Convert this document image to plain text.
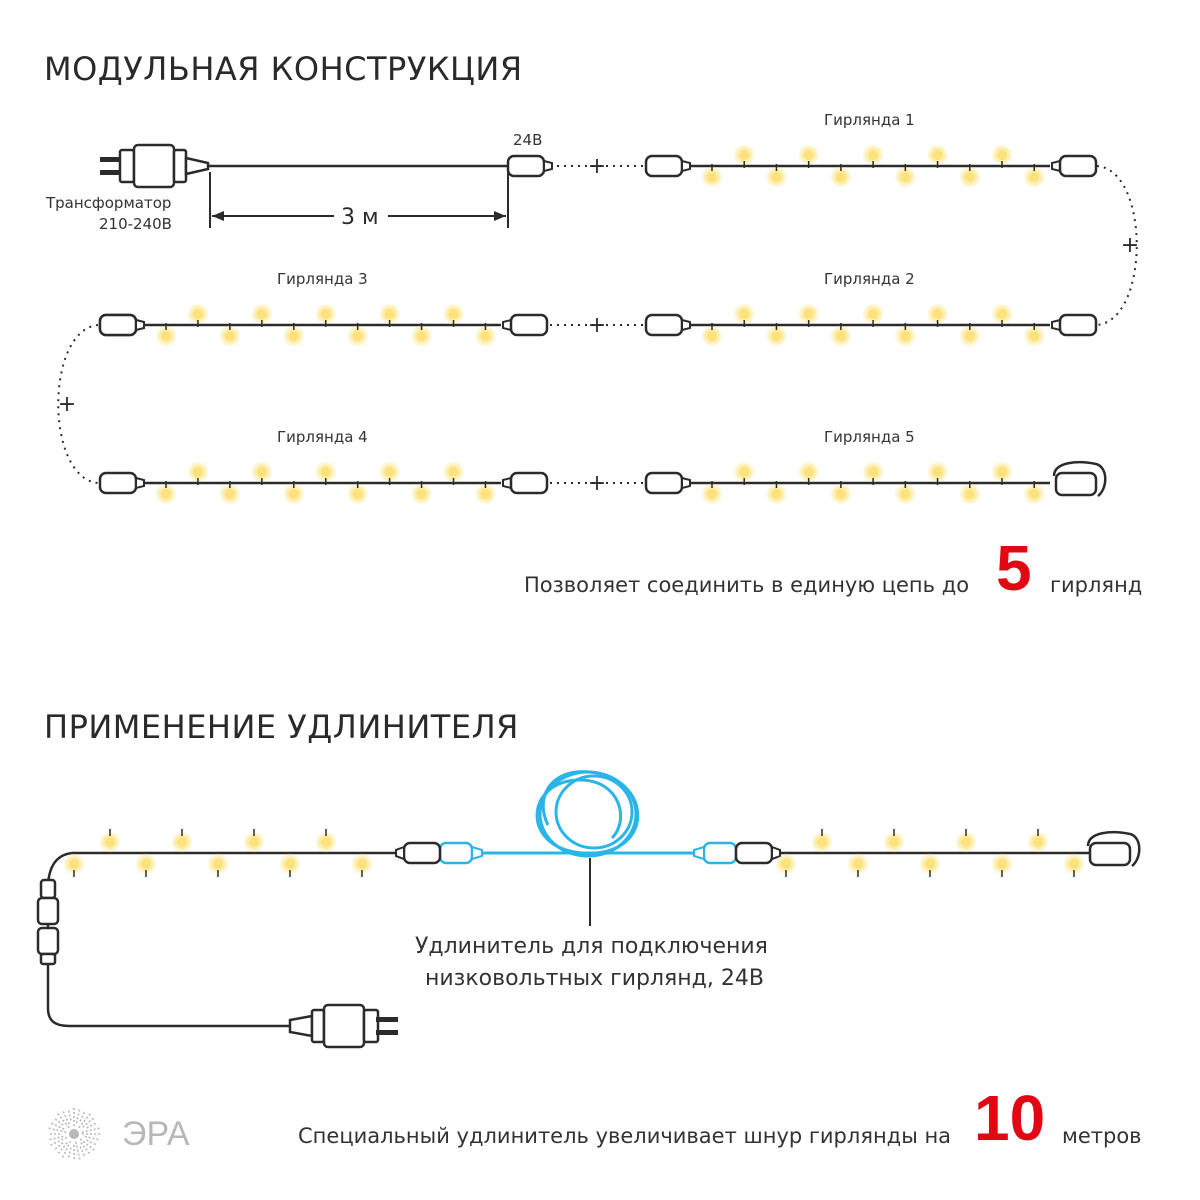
МОДУЛЬНАЯ КОНСТРУКЦИЯ
ПРИМЕНЕНИЕ УДЛИНИТЕЛЯ
Трансформатор
210-240В
24В
3 м
Гирлянда 1
Гирлянда 2
Гирлянда 3
Гирлянда 4	Гирлянда 5
Позволяет соединить в единую цепь до 5 гирлянд
Удлинитель для подключения
низковольтных гирлянд, 24В
Специальный удлинитель увеличивает шнур гирлянды на 10 метров
ЭРА
+
+
+
+
+
